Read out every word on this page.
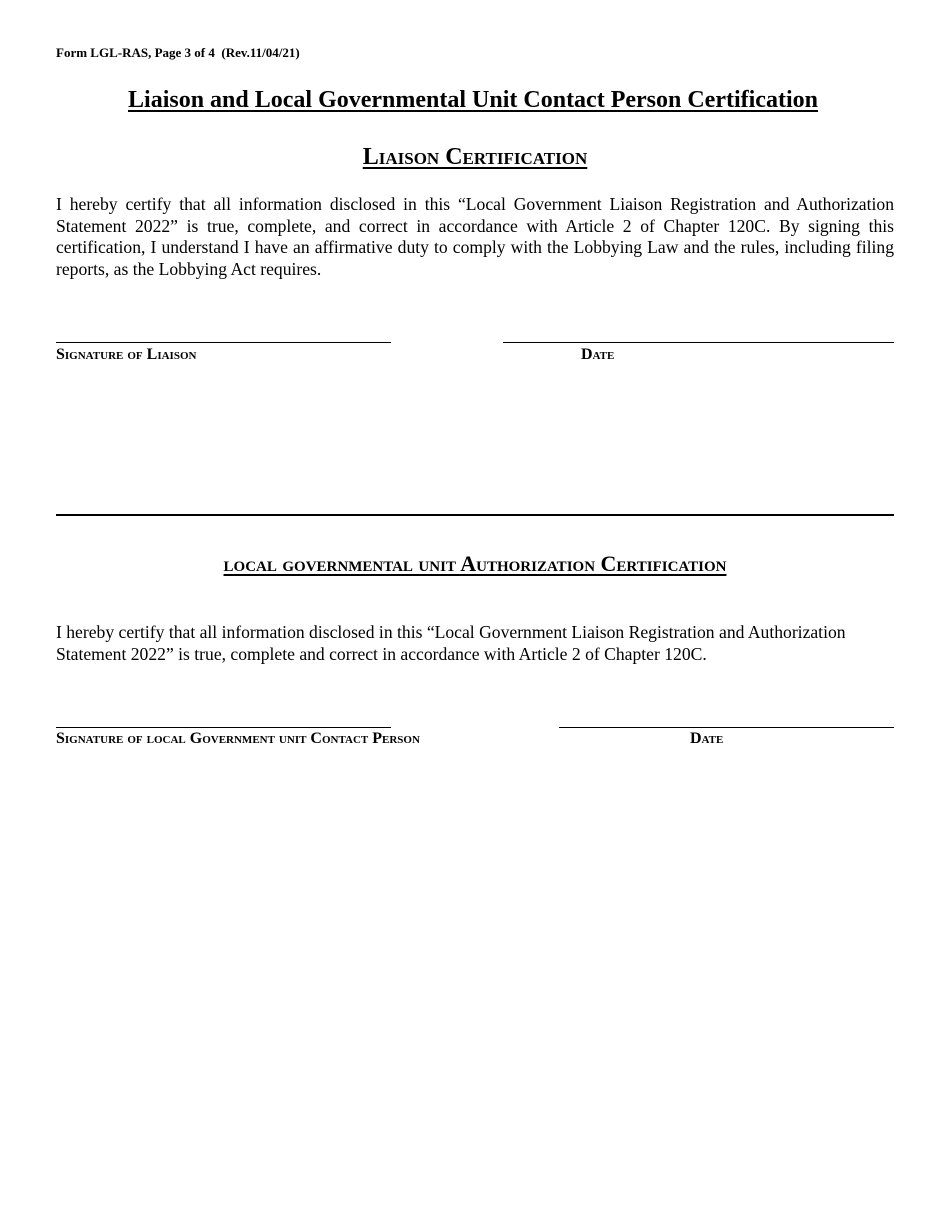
Form LGL-RAS, Page 3 of 4  (Rev.11/04/21)
Liaison and Local Governmental Unit Contact Person Certification
Liaison Certification
I hereby certify that all information disclosed in this “Local Government Liaison Registration and Authorization Statement 2022” is true, complete, and correct in accordance with Article 2 of Chapter 120C. By signing this certification, I understand I have an affirmative duty to comply with the Lobbying Law and the rules, including filing reports, as the Lobbying Act requires.
Signature of Liaison	Date
local governmental unit Authorization Certification
I hereby certify that all information disclosed in this “Local Government Liaison Registration and Authorization Statement 2022” is true, complete and correct in accordance with Article 2 of Chapter 120C.
Signature of local Government unit Contact Person	Date
